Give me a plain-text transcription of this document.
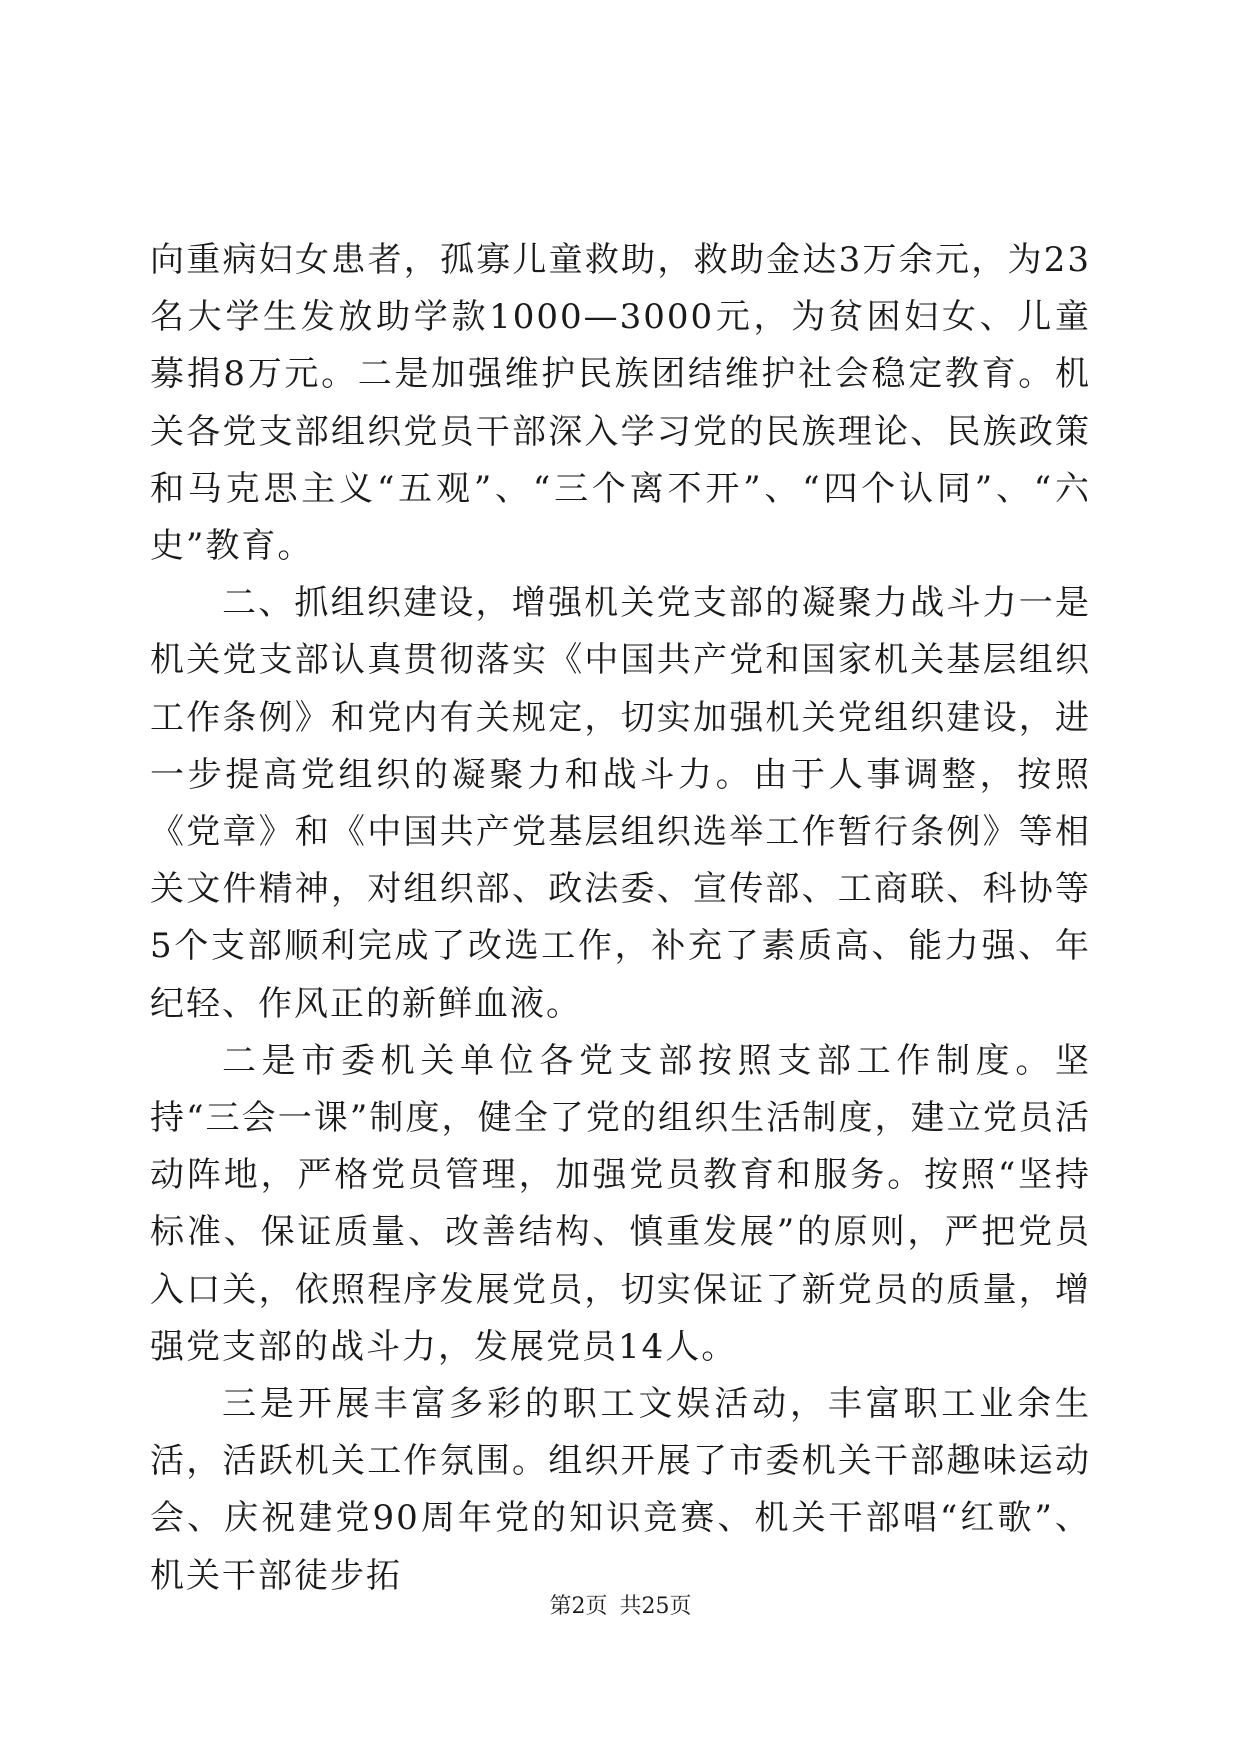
向重病妇女患者，孤寡儿童救助，救助金达3万余元，为23名大学生发放助学款1000—3000元，为贫困妇女、儿童募捐8万元。二是加强维护民族团结维护社会稳定教育。机关各党支部组织党员干部深入学习党的民族理论、民族政策和马克思主义“五观”、“三个离不开”、“四个认同”、“六史”教育。

二、抓组织建设，增强机关党支部的凝聚力战斗力一是机关党支部认真贯彻落实《中国共产党和国家机关基层组织工作条例》和党内有关规定，切实加强机关党组织建设，进一步提高党组织的凝聚力和战斗力。由于人事调整，按照《党章》和《中国共产党基层组织选举工作暂行条例》等相关文件精神，对组织部、政法委、宣传部、工商联、科协等5个支部顺利完成了改选工作，补充了素质高、能力强、年纪轻、作风正的新鲜血液。

二是市委机关单位各党支部按照支部工作制度。坚持“三会一课”制度，健全了党的组织生活制度，建立党员活动阵地，严格党员管理，加强党员教育和服务。按照“坚持标准、保证质量、改善结构、慎重发展”的原则，严把党员入口关，依照程序发展党员，切实保证了新党员的质量，增强党支部的战斗力，发展党员14人。

三是开展丰富多彩的职工文娱活动，丰富职工业余生活，活跃机关工作氛围。组织开展了市委机关干部趣味运动会、庆祝建党90周年党的知识竞赛、机关干部唱“红歌”、机关干部徒步拓

第2页 共25页
